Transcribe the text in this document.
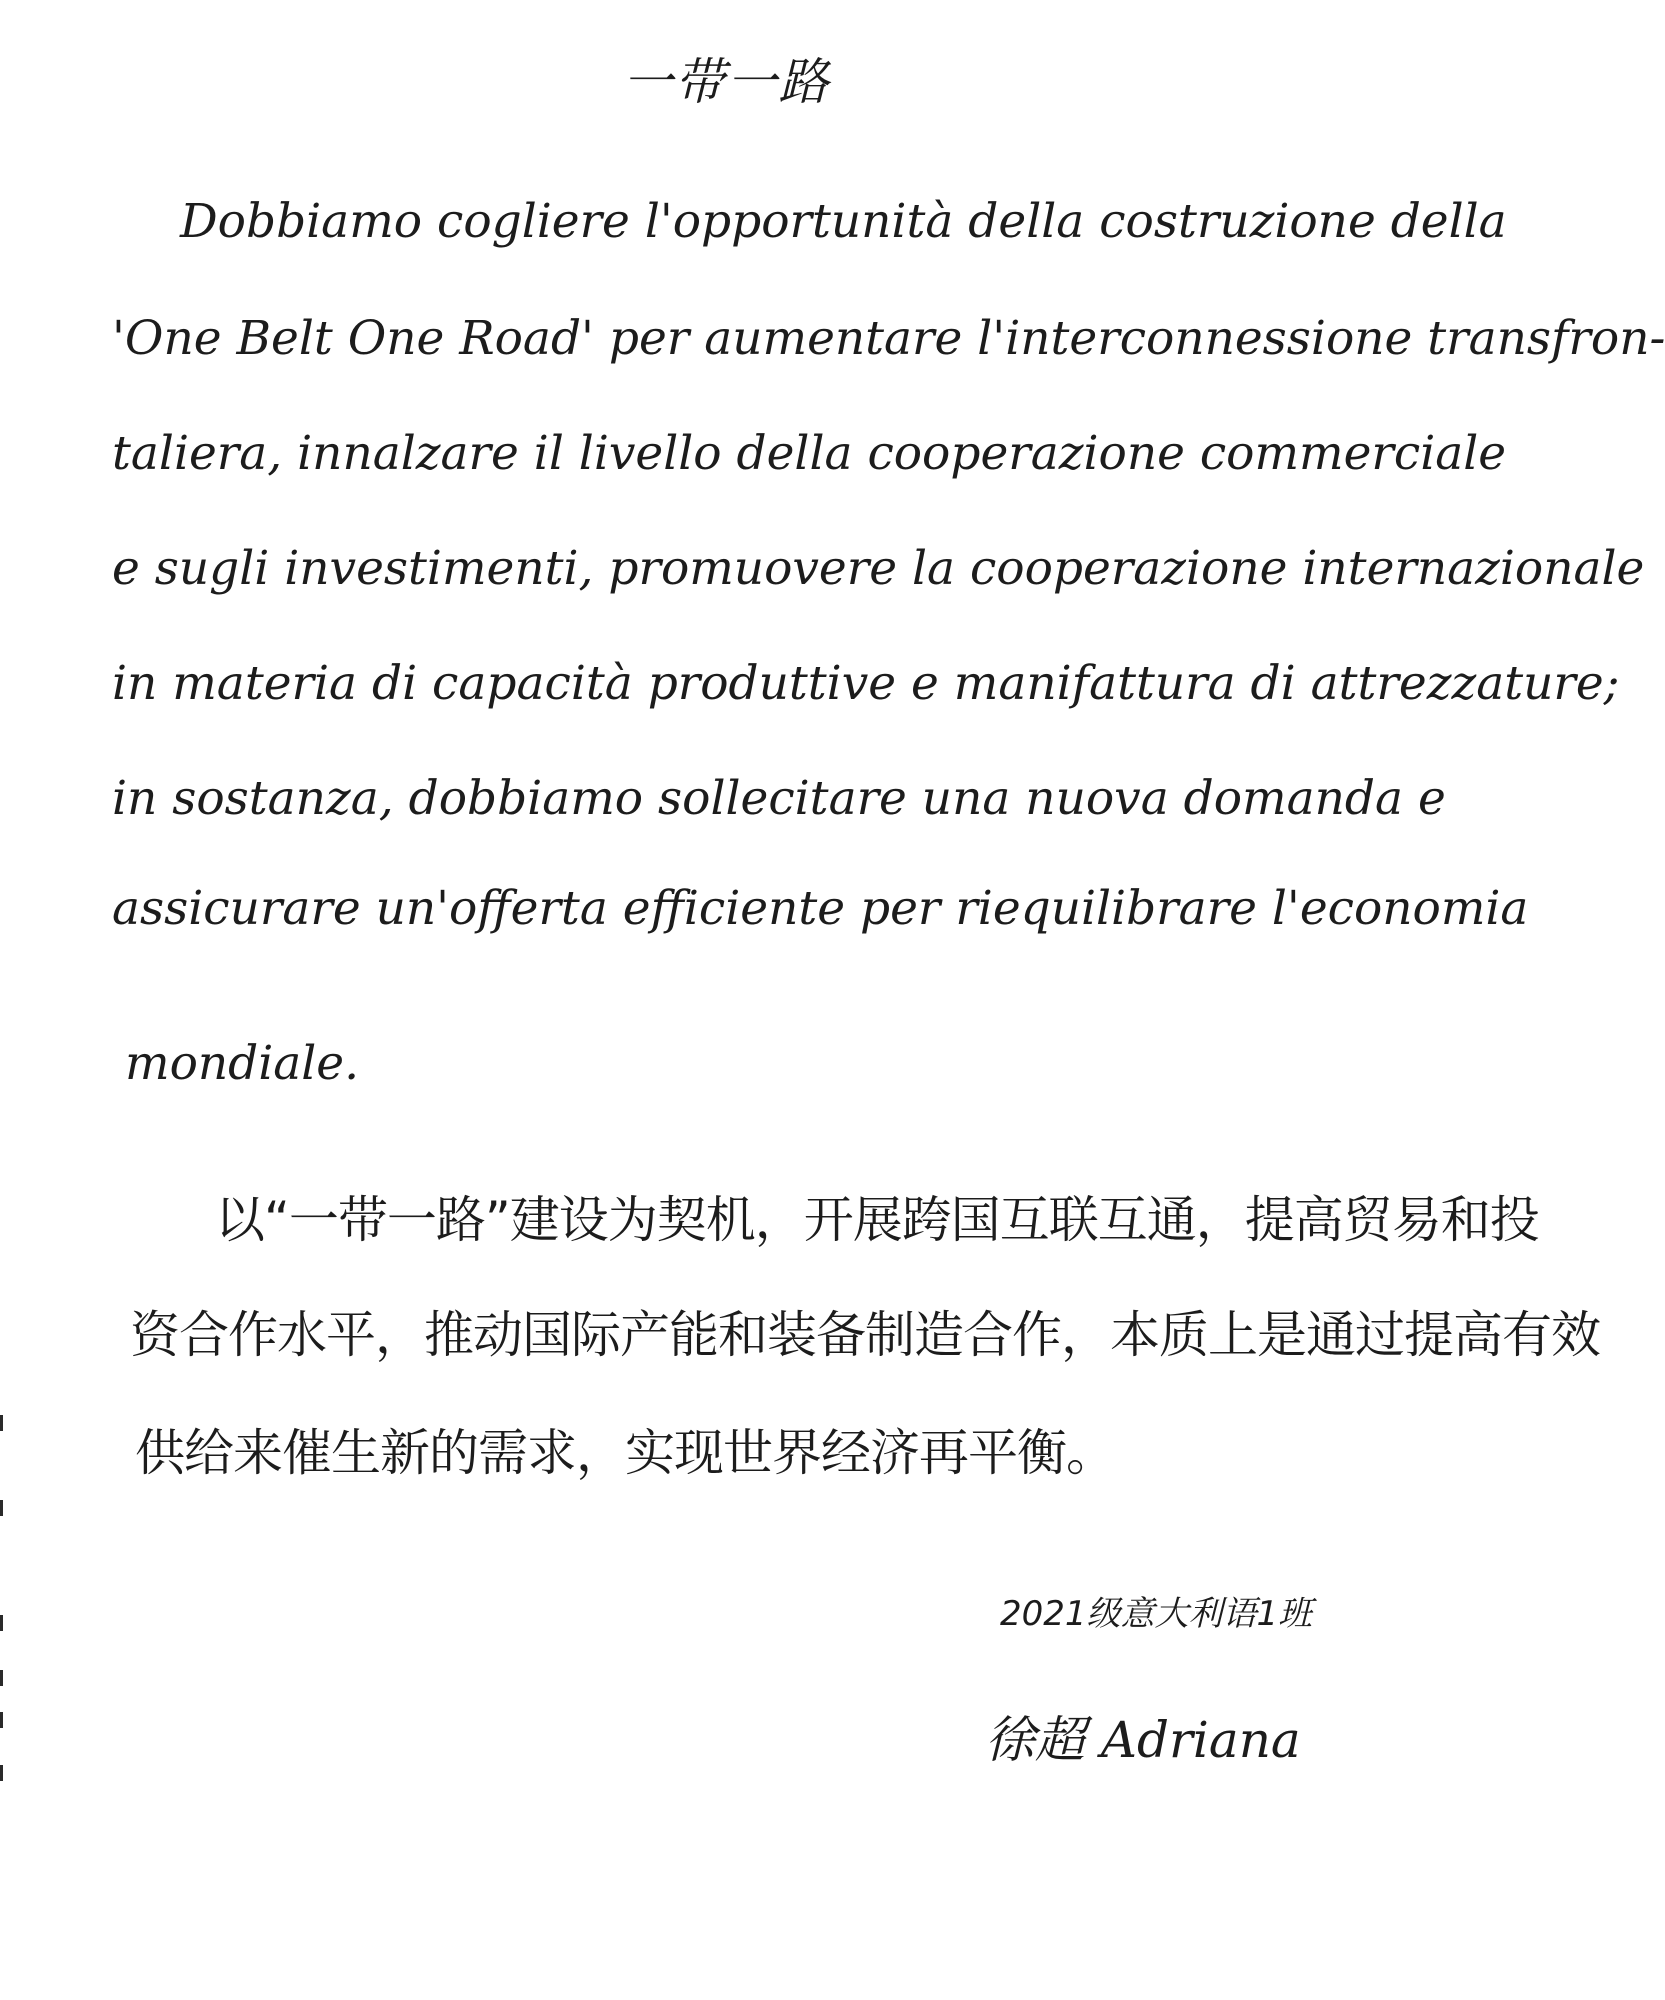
一带一路
Dobbiamo cogliere l'opportunità della costruzione della
'One Belt One Road' per aumentare l'interconnessione transfron-
taliera, innalzare il livello della cooperazione commerciale
e sugli investimenti, promuovere la cooperazione internazionale
in materia di capacità produttive e manifattura di attrezzature;
in sostanza, dobbiamo sollecitare una nuova domanda e
assicurare un'offerta efficiente per riequilibrare l'economia
mondiale.
以“一带一路”建设为契机，开展跨国互联互通，提高贸易和投
资合作水平，推动国际产能和装备制造合作，本质上是通过提高有效
供给来催生新的需求，实现世界经济再平衡。
2021级意大利语1班
徐超 Adriana
